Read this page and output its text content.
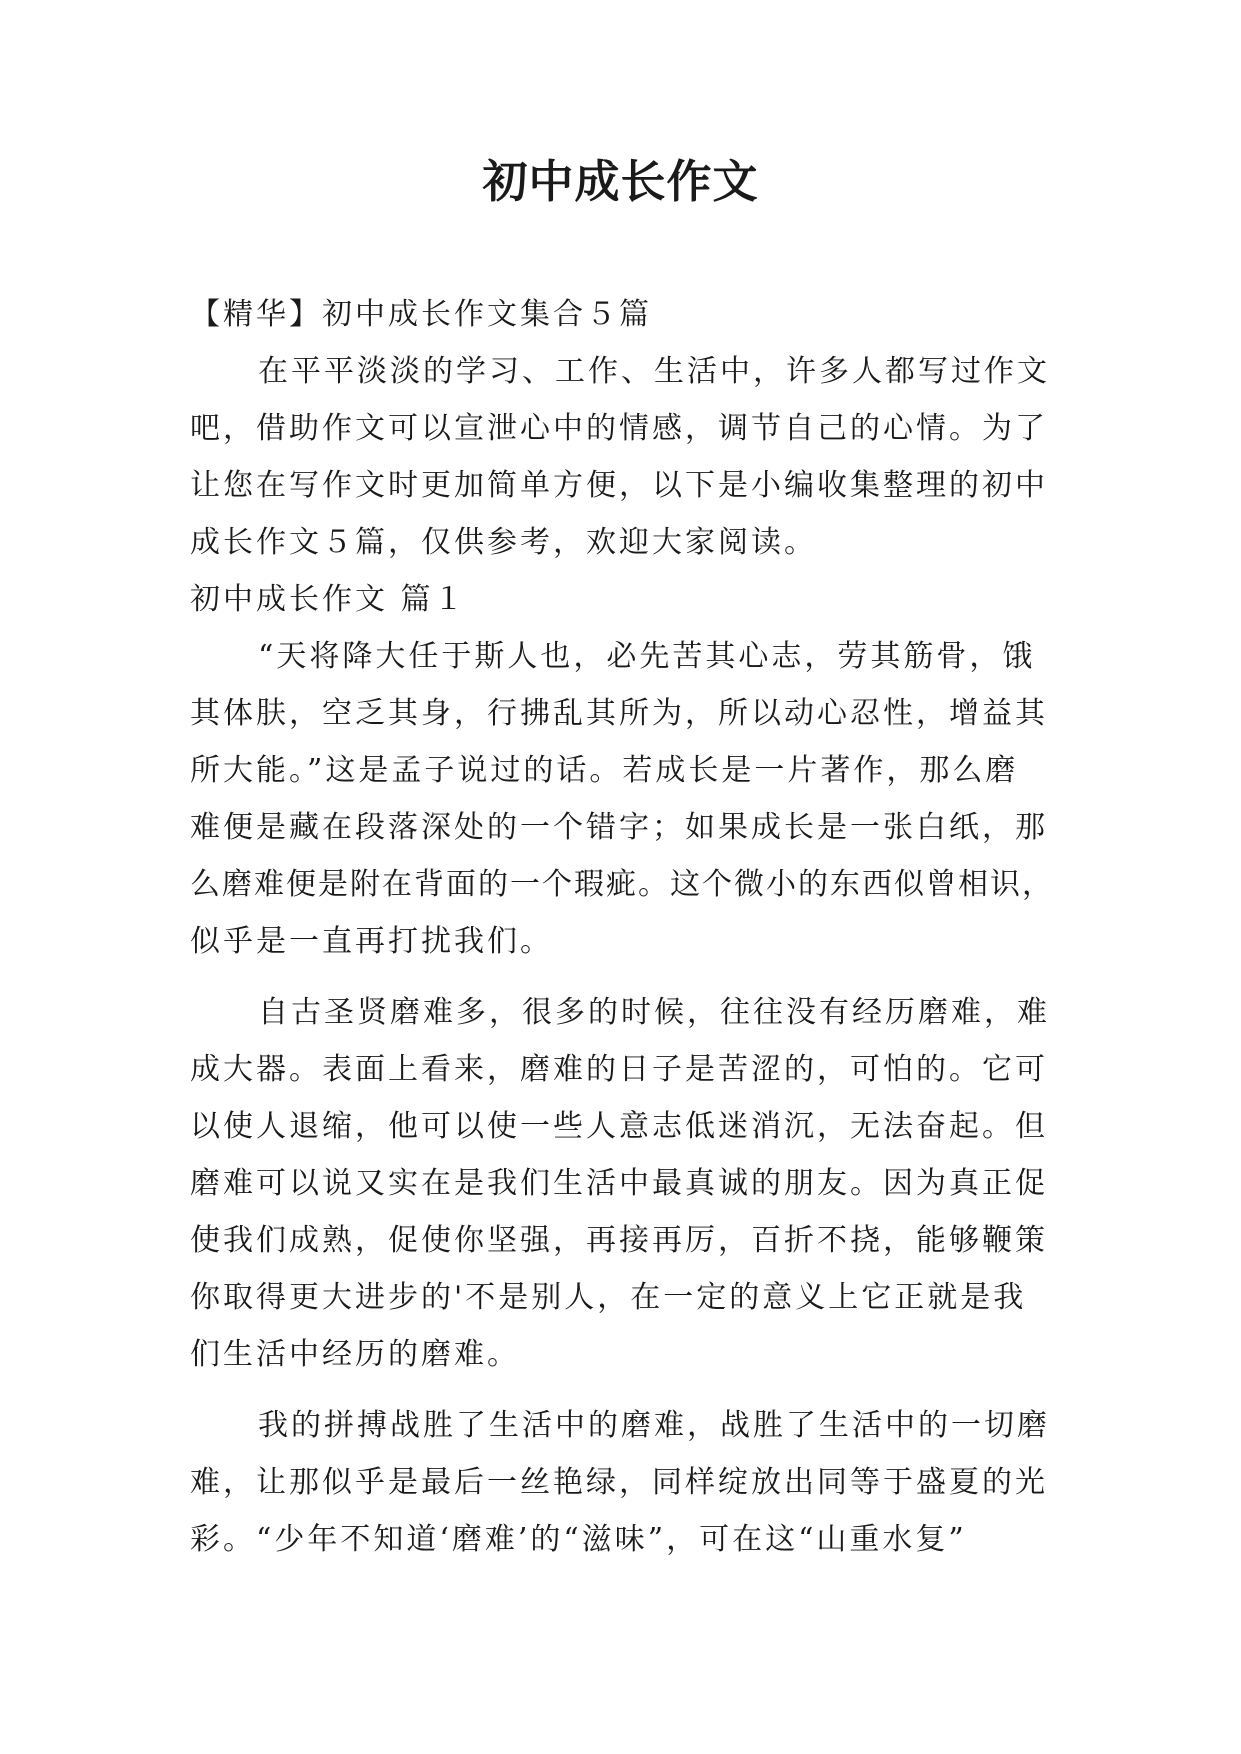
初中成长作文
【精华】初中成长作文集合５篇
在平平淡淡的学习、工作、生活中，许多人都写过作文
吧，借助作文可以宣泄心中的情感，调节自己的心情。为了
让您在写作文时更加简单方便，以下是小编收集整理的初中
成长作文５篇，仅供参考，欢迎大家阅读。
初中成长作文 篇１
“天将降大任于斯人也，必先苦其心志，劳其筋骨，饿
其体肤，空乏其身，行拂乱其所为，所以动心忍性，增益其
所大能。”这是孟子说过的话。若成长是一片著作，那么磨
难便是藏在段落深处的一个错字；如果成长是一张白纸，那
么磨难便是附在背面的一个瑕疵。这个微小的东西似曾相识，
似乎是一直再打扰我们。
自古圣贤磨难多，很多的时候，往往没有经历磨难，难
成大器。表面上看来，磨难的日子是苦涩的，可怕的。它可
以使人退缩，他可以使一些人意志低迷消沉，无法奋起。但
磨难可以说又实在是我们生活中最真诚的朋友。因为真正促
使我们成熟，促使你坚强，再接再厉，百折不挠，能够鞭策
你取得更大进步的'不是别人，在一定的意义上它正就是我
们生活中经历的磨难。
我的拼搏战胜了生活中的磨难，战胜了生活中的一切磨
难，让那似乎是最后一丝艳绿，同样绽放出同等于盛夏的光
彩。“少年不知道‘磨难’的“滋味”，可在这“山重水复”
